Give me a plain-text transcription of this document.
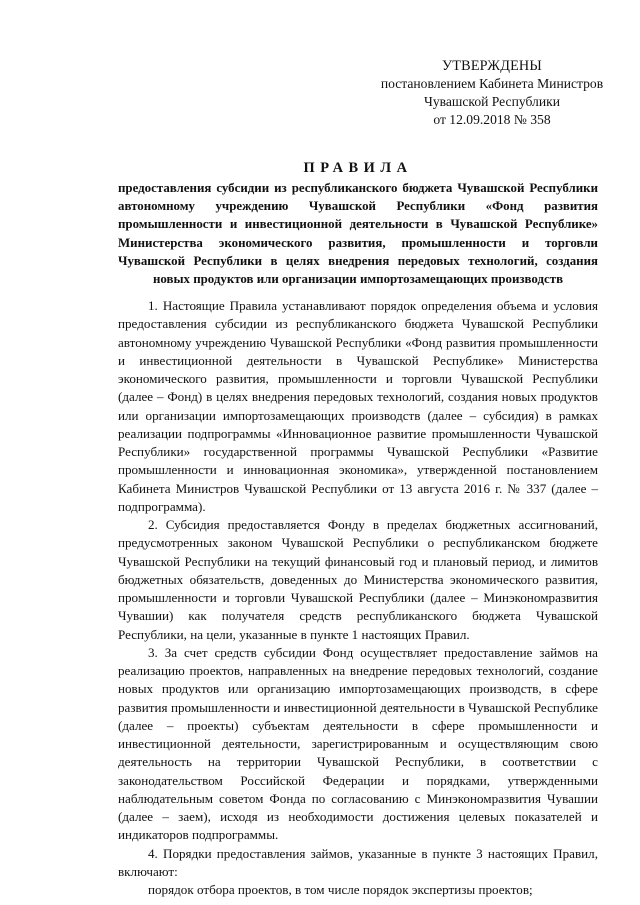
УТВЕРЖДЕНЫ
постановлением Кабинета Министров
Чувашской Республики
от 12.09.2018 № 358
ПРАВИЛА
предоставления субсидии из республиканского бюджета Чувашской Республики автономному учреждению Чувашской Республики «Фонд развития промышленности и инвестиционной деятельности в Чувашской Республике» Министерства экономического развития, промышленности и торговли Чувашской Республики в целях внедрения передовых технологий, создания новых продуктов или организации импортозамещающих производств

1. Настоящие Правила устанавливают порядок определения объема и условия предоставления субсидии из республиканского бюджета Чувашской Республики автономному учреждению Чувашской Республики «Фонд развития промышленности и инвестиционной деятельности в Чувашской Республике» Министерства экономического развития, промышленности и торговли Чувашской Республики (далее – Фонд) в целях внедрения передовых технологий, создания новых продуктов или организации импортозамещающих производств (далее – субсидия) в рамках реализации подпрограммы «Инновационное развитие промышленности Чувашской Республики» государственной программы Чувашской Республики «Развитие промышленности и инновационная экономика», утвержденной постановлением Кабинета Министров Чувашской Республики от 13 августа 2016 г. № 337 (далее – подпрограмма).

2. Субсидия предоставляется Фонду в пределах бюджетных ассигнований, предусмотренных законом Чувашской Республики о республиканском бюджете Чувашской Республики на текущий финансовый год и плановый период, и лимитов бюджетных обязательств, доведенных до Министерства экономического развития, промышленности и торговли Чувашской Республики (далее – Минэкономразвития Чувашии) как получателя средств республиканского бюджета Чувашской Республики, на цели, указанные в пункте 1 настоящих Правил.

3. За счет средств субсидии Фонд осуществляет предоставление займов на реализацию проектов, направленных на внедрение передовых технологий, создание новых продуктов или организацию импортозамещающих производств, в сфере развития промышленности и инвестиционной деятельности в Чувашской Республике (далее – проекты) субъектам деятельности в сфере промышленности и инвестиционной деятельности, зарегистрированным и осуществляющим свою деятельность на территории Чувашской Республики, в соответствии с законодательством Российской Федерации и порядками, утвержденными наблюдательным советом Фонда по согласованию с Минэкономразвития Чувашии (далее – заем), исходя из необходимости достижения целевых показателей и индикаторов подпрограммы.

4. Порядки предоставления займов, указанные в пункте 3 настоящих Правил, включают:

порядок отбора проектов, в том числе порядок экспертизы проектов;
